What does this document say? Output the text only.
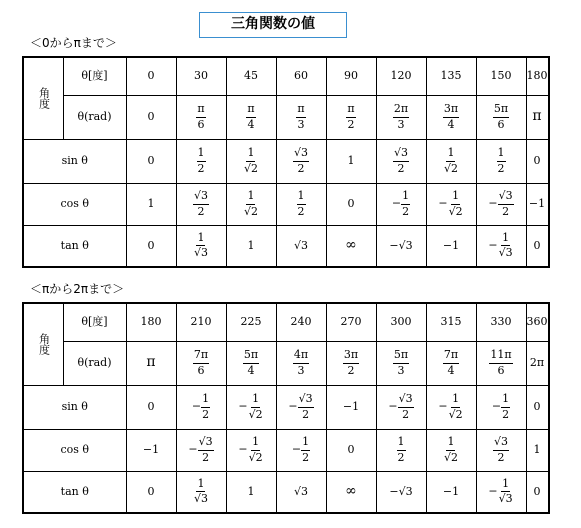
三角関数の値
＜0からπまで＞
角度	θ[度]	0	30	45	60	90	120	135	150	180
	θ(rad)	0	$\frac{\pi}{6}$	$\frac{\pi}{4}$	$\frac{\pi}{3}$	$\frac{\pi}{2}$	$\frac{2\pi}{3}$	$\frac{3\pi}{4}$	$\frac{5\pi}{6}$	π
sin θ		0	$\frac{1}{2}$	$\frac{1}{√2}$	$\frac{√3}{2}$	1	$\frac{√3}{2}$	$\frac{1}{√2}$	$\frac{1}{2}$	0
cos θ		1	$\frac{√3}{2}$	$\frac{1}{√2}$	$\frac{1}{2}$	0	− $\frac{1}{2}$	− $\frac{1}{√2}$	− $\frac{√3}{2}$	−1
tan θ		0	$\frac{1}{√3}$	1	√3	∞	−√3	−1	− $\frac{1}{√3}$	0
＜πから2πまで＞
角度	θ[度]	180	210	225	240	270	300	315	330	360
	θ(rad)	π	$\frac{7\pi}{6}$	$\frac{5\pi}{4}$	$\frac{4\pi}{3}$	$\frac{3\pi}{2}$	$\frac{5\pi}{3}$	$\frac{7\pi}{4}$	$\frac{11\pi}{6}$	2π
sin θ		0	− $\frac{1}{2}$	− $\frac{1}{√2}$	− $\frac{√3}{2}$	−1	− $\frac{√3}{2}$	− $\frac{1}{√2}$	− $\frac{1}{2}$	0
cos θ		−1	− $\frac{√3}{2}$	− $\frac{1}{√2}$	− $\frac{1}{2}$	0	$\frac{1}{2}$	$\frac{1}{√2}$	$\frac{√3}{2}$	1
tan θ		0	$\frac{1}{√3}$	1	√3	∞	−√3	−1	− $\frac{1}{√3}$	0
